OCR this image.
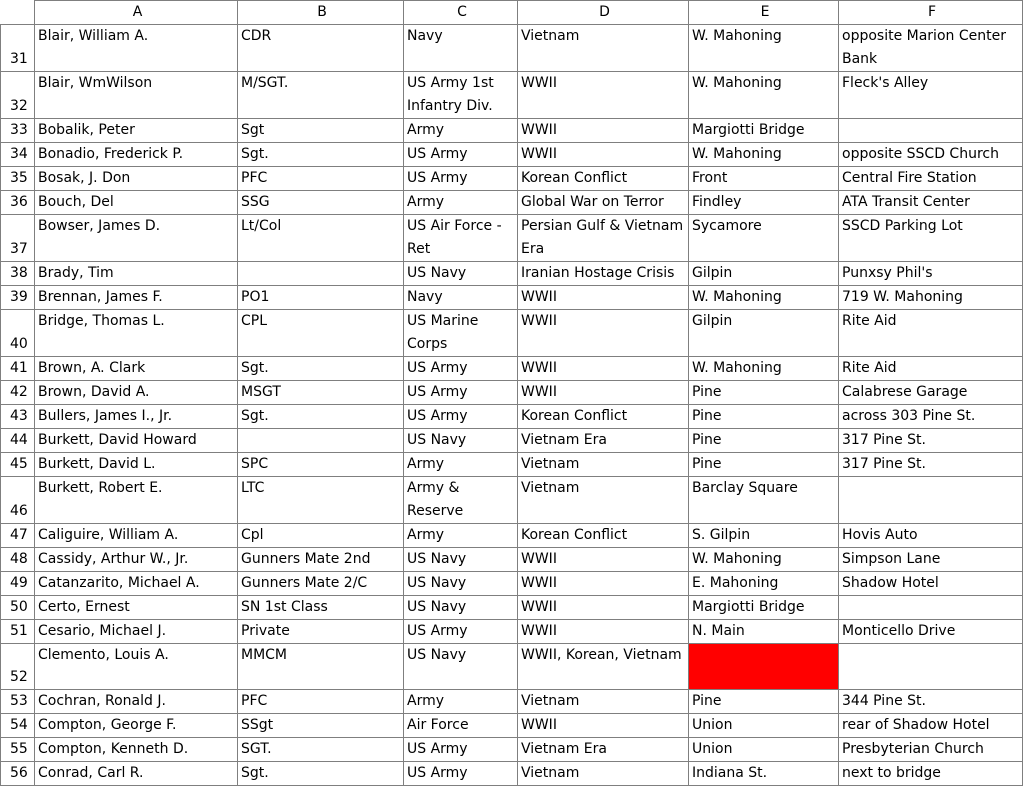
	A	B	C	D	E	F
31	Blair, William A.	CDR	Navy	Vietnam	W. Mahoning	opposite Marion Center Bank
32	Blair, WmWilson	M/SGT.	US Army 1st Infantry Div.	WWII	W. Mahoning	Fleck's Alley
33	Bobalik, Peter	Sgt	Army	WWII	Margiotti Bridge	
34	Bonadio, Frederick P.	Sgt.	US Army	WWII	W. Mahoning	opposite SSCD Church
35	Bosak, J. Don	PFC	US Army	Korean Conflict	Front	Central Fire Station
36	Bouch, Del	SSG	Army	Global War on Terror	Findley	ATA Transit Center
37	Bowser, James D.	Lt/Col	US Air Force - Ret	Persian Gulf & Vietnam Era	Sycamore	SSCD Parking Lot
38	Brady, Tim		US Navy	Iranian Hostage Crisis	Gilpin	Punxsy Phil's
39	Brennan, James F.	PO1	Navy	WWII	W. Mahoning	719 W. Mahoning
40	Bridge, Thomas L.	CPL	US Marine Corps	WWII	Gilpin	Rite Aid
41	Brown, A. Clark	Sgt.	US Army	WWII	W. Mahoning	Rite Aid
42	Brown, David A.	MSGT	US Army	WWII	Pine	Calabrese Garage
43	Bullers, James I., Jr.	Sgt.	US Army	Korean Conflict	Pine	across 303 Pine St.
44	Burkett, David Howard		US Navy	Vietnam Era	Pine	317 Pine St.
45	Burkett, David L.	SPC	Army	Vietnam	Pine	317 Pine St.
46	Burkett, Robert E.	LTC	Army & Reserve	Vietnam	Barclay Square	
47	Caliguire, William A.	Cpl	Army	Korean Conflict	S. Gilpin	Hovis Auto
48	Cassidy, Arthur W., Jr.	Gunners Mate 2nd	US Navy	WWII	W. Mahoning	Simpson Lane
49	Catanzarito, Michael A.	Gunners Mate 2/C	US Navy	WWII	E. Mahoning	Shadow Hotel
50	Certo, Ernest	SN 1st Class	US Navy	WWII	Margiotti Bridge	
51	Cesario, Michael J.	Private	US Army	WWII	N. Main	Monticello Drive
52	Clemento, Louis A.	MMCM	US Navy	WWII, Korean, Vietnam		
53	Cochran, Ronald J.	PFC	Army	Vietnam	Pine	344 Pine St.
54	Compton, George F.	SSgt	Air Force	WWII	Union	rear of Shadow Hotel
55	Compton, Kenneth D.	SGT.	US Army	Vietnam Era	Union	Presbyterian Church
56	Conrad, Carl R.	Sgt.	US Army	Vietnam	Indiana St.	next to bridge
